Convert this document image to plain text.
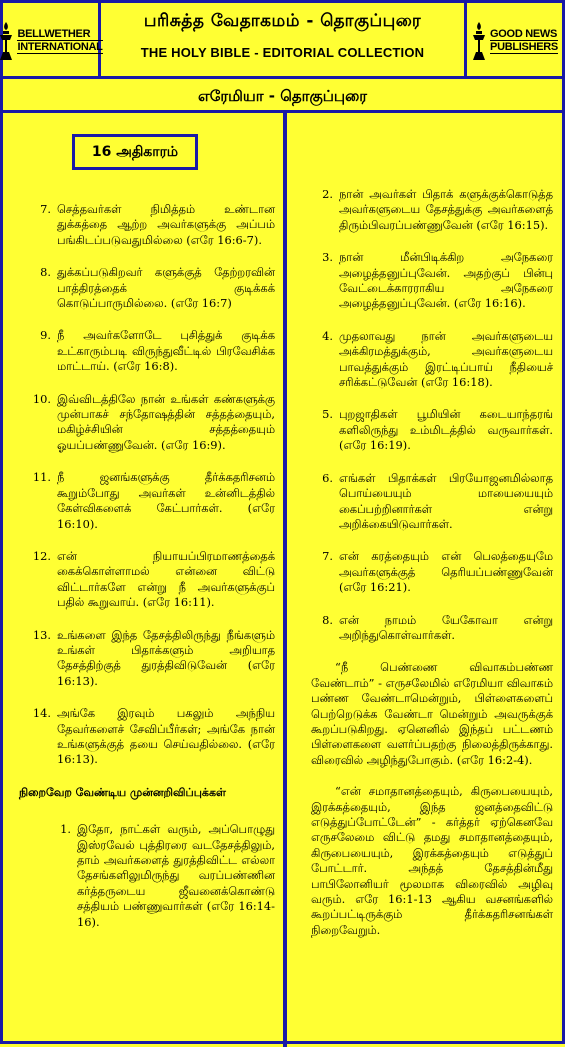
BELLWETHER
INTERNATIONAL
பரிசுத்த வேதாகமம் - தொகுப்புரை
THE HOLY BIBLE - EDITORIAL COLLECTION
GOOD NEWS
PUBLISHERS
எரேமியா - தொகுப்புரை
16 அதிகாரம்
7. செத்தவர்கள் நிமித்தம் உண்டான துக்கத்தை ஆற்ற அவர்களுக்கு அப்பம் பங்கிடப்படுவதுமில்லை (எரே 16:6-7).
8. துக்கப்படுகிறவர் களுக்குத் தேற்றரவின் பாத்திரத்தைக் குடிக்கக் கொடுப்பாருமில்லை. (எரே 16:7)
9. நீ அவர்களோடே புசித்துக் குடிக்க உட்காரும்படி விருந்துவீட்டில் பிரவேசிக்க மாட்டாய். (எரே 16:8).
10. இவ்விடத்திலே நான் உங்கள் கண்களுக்கு முன்பாகச் சந்தோஷத்தின் சத்தத்தையும், மகிழ்ச்சியின் சத்தத்தையும் ஓயப்பண்ணுவேன். (எரே 16:9).
11. நீ ஜனங்களுக்கு தீர்க்கதரிசனம் கூறும்போது அவர்கள் உன்னிடத்தில் கேள்விகளைக் கேட்பார்கள். (எரே 16:10).
12. என் நியாயப்பிரமாணத்தைக் கைக்கொள்ளாமல் என்னை விட்டு விட்டார்களே என்று நீ அவர்களுக்குப் பதில் கூறுவாய். (எரே 16:11).
13. உங்களை இந்த தேசத்திலிருந்து நீங்களும் உங்கள் பிதாக்களும் அறியாத தேசத்திற்குத் துரத்திவிடுவேன் (எரே 16:13).
14. அங்கே இரவும் பகலும் அந்நிய தேவர்களைச் சேவிப்பீர்கள்; அங்கே நான் உங்களுக்குத் தயை செய்வதில்லை. (எரே 16:13).
நிறைவேற வேண்டிய முன்னறிவிப்புக்கள்
1. இதோ, நாட்கள் வரும், அப்பொழுது இஸ்ரவேல் புத்திரரை வடதேசத்திலும், தாம் அவர்களைத் துரத்திவிட்ட எல்லா தேசங்களிலுமிருந்து வரப்பண்ணின கர்த்தருடைய ஜீவனைக்கொண்டு சத்தியம் பண்ணுவார்கள் (எரே 16:14-16).
2. நான் அவர்கள் பிதாக் களுக்குக்கொடுத்த அவர்களுடைய தேசத்துக்கு அவர்களைத் திரும்பிவரப்பண்ணுவேன் (எரே 16:15).
3. நான் மீன்பிடிக்கிற அநேகரை அழைத்தனுப்புவேன். அதற்குப் பின்பு வேட்டைக்காரராகிய அநேகரை அழைத்தனுப்புவேன். (எரே 16:16).
4. முதலாவது நான் அவர்களுடைய அக்கிரமத்துக்கும், அவர்களுடைய பாவத்துக்கும் இரட்டிப்பாய் நீதியைச் சரிக்கட்டுவேன் (எரே 16:18).
5. புறஜாதிகள் பூமியின் கடையாந்தரங் களிலிருந்து உம்மிடத்தில் வருவார்கள். (எரே 16:19).
6. எங்கள் பிதாக்கள் பிரயோஜனமில்லாத பொய்யையும் மாயையையும் கைப்பற்றினார்கள் என்று அறிக்கையிடுவார்கள்.
7. என் கரத்தையும் என் பெலத்தையுமே அவர்களுக்குத் தெரியப்பண்ணுவேன் (எரே 16:21).
8. என் நாமம் யேகோவா என்று அறிந்துகொள்வார்கள்.
“நீ பெண்ணை விவாகம்பண்ண வேண்டாம்” - எருசலேமில் எரேமியா விவாகம் பண்ண வேண்டாமென்றும், பிள்ளைகளைப் பெற்றெடுக்க வேண்டா மென்றும் அவருக்குக் கூறப்படுகிறது. ஏனெனில் இந்தப் பட்டணம் பிள்ளைகளை வளர்ப்பதற்கு நிலைத்திருக்காது. விரைவில் அழிந்துபோகும். (எரே 16:2-4).
“என் சமாதானத்தையும், கிருபையையும், இரக்கத்தையும், இந்த ஜனத்தைவிட்டு எடுத்துப்போட்டேன்” - கர்த்தர் ஏற்கெனவே எருசலேமை விட்டு தமது சமாதானத்தையும், கிருபையையும், இரக்கத்தையும் எடுத்துப் போட்டார். அந்தத் தேசத்தின்மீது பாபிலோனியர் மூலமாக விரைவில் அழிவு வரும். எரே 16:1-13 ஆகிய வசனங்களில் கூறப்பட்டிருக்கும் தீர்க்கதரிசனங்கள் நிறைவேறும்.
